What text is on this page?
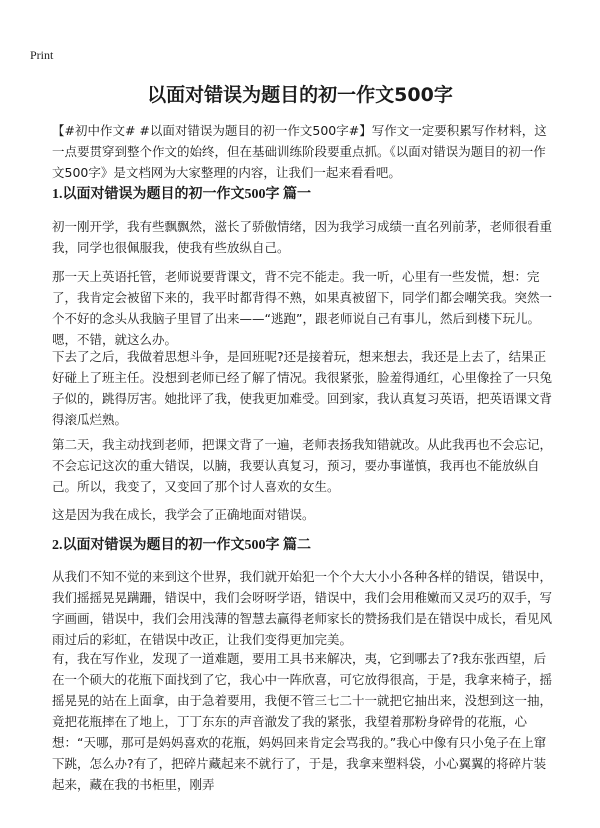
Print
以面对错误为题目的初一作文500字

【#初中作文# #以面对错误为题目的初一作文500字#】写作文一定要积累写作材料，这一点要贯穿到整个作文的始终，但在基础训练阶段要重点抓。《以面对错误为题目的初一作文500字》是文档网为大家整理的内容，让我们一起来看看吧。

1.以面对错误为题目的初一作文500字 篇一

初一刚开学，我有些飘飘然，滋长了骄傲情绪，因为我学习成绩一直名列前茅，老师很看重我，同学也很佩服我，使我有些放纵自己。

那一天上英语托管，老师说要背课文，背不完不能走。我一听，心里有一些发慌，想：完了，我肯定会被留下来的，我平时都背得不熟，如果真被留下，同学们都会嘲笑我。突然一个不好的念头从我脑子里冒了出来——“逃跑”，跟老师说自己有事儿，然后到楼下玩儿。嗯，不错，就这么办。

下去了之后，我做着思想斗争，是回班呢?还是接着玩，想来想去，我还是上去了，结果正好碰上了班主任。没想到老师已经了解了情况。我很紧张，脸羞得通红，心里像拴了一只兔子似的，跳得厉害。她批评了我，使我更加难受。回到家，我认真复习英语，把英语课文背得滚瓜烂熟。

第二天，我主动找到老师，把课文背了一遍，老师表扬我知错就改。从此我再也不会忘记，不会忘记这次的重大错误，以腩，我要认真复习，预习，要办事谨慎，我再也不能放纵自己。所以，我变了，又变回了那个讨人喜欢的女生。

这是因为我在成长，我学会了正确地面对错误。

2.以面对错误为题目的初一作文500字 篇二

从我们不知不觉的来到这个世界，我们就开始犯一个个大大小小各种各样的错误，错误中，我们摇摇晃晃蹒跚，错误中，我们会呀呀学语，错误中，我们会用稚嫩而又灵巧的双手，写字画画，错误中，我们会用浅薄的智慧去赢得老师家长的赞扬我们是在错误中成长，看见风雨过后的彩虹，在错误中改正，让我们变得更加完美。

有，我在写作业，发现了一道难题，要用工具书来解决，夷，它到哪去了?我东张西望，后在一个硕大的花瓶下面找到了它，我心中一阵欣喜，可它放得很高，于是，我拿来椅子，摇摇晃晃的站在上面拿，由于急着要用，我便不管三七二十一就把它抽出来，没想到这一抽，竟把花瓶摔在了地上，丁丁东东的声音澈发了我的紧张，我望着那粉身碎骨的花瓶，心想：“天哪，那可是妈妈喜欢的花瓶，妈妈回来肯定会骂我的。”我心中像有只小兔子在上窜下跳，怎么办?有了，把碎片藏起来不就行了，于是，我拿来塑料袋，小心翼翼的将碎片装起来，藏在我的书柜里，刚弄
